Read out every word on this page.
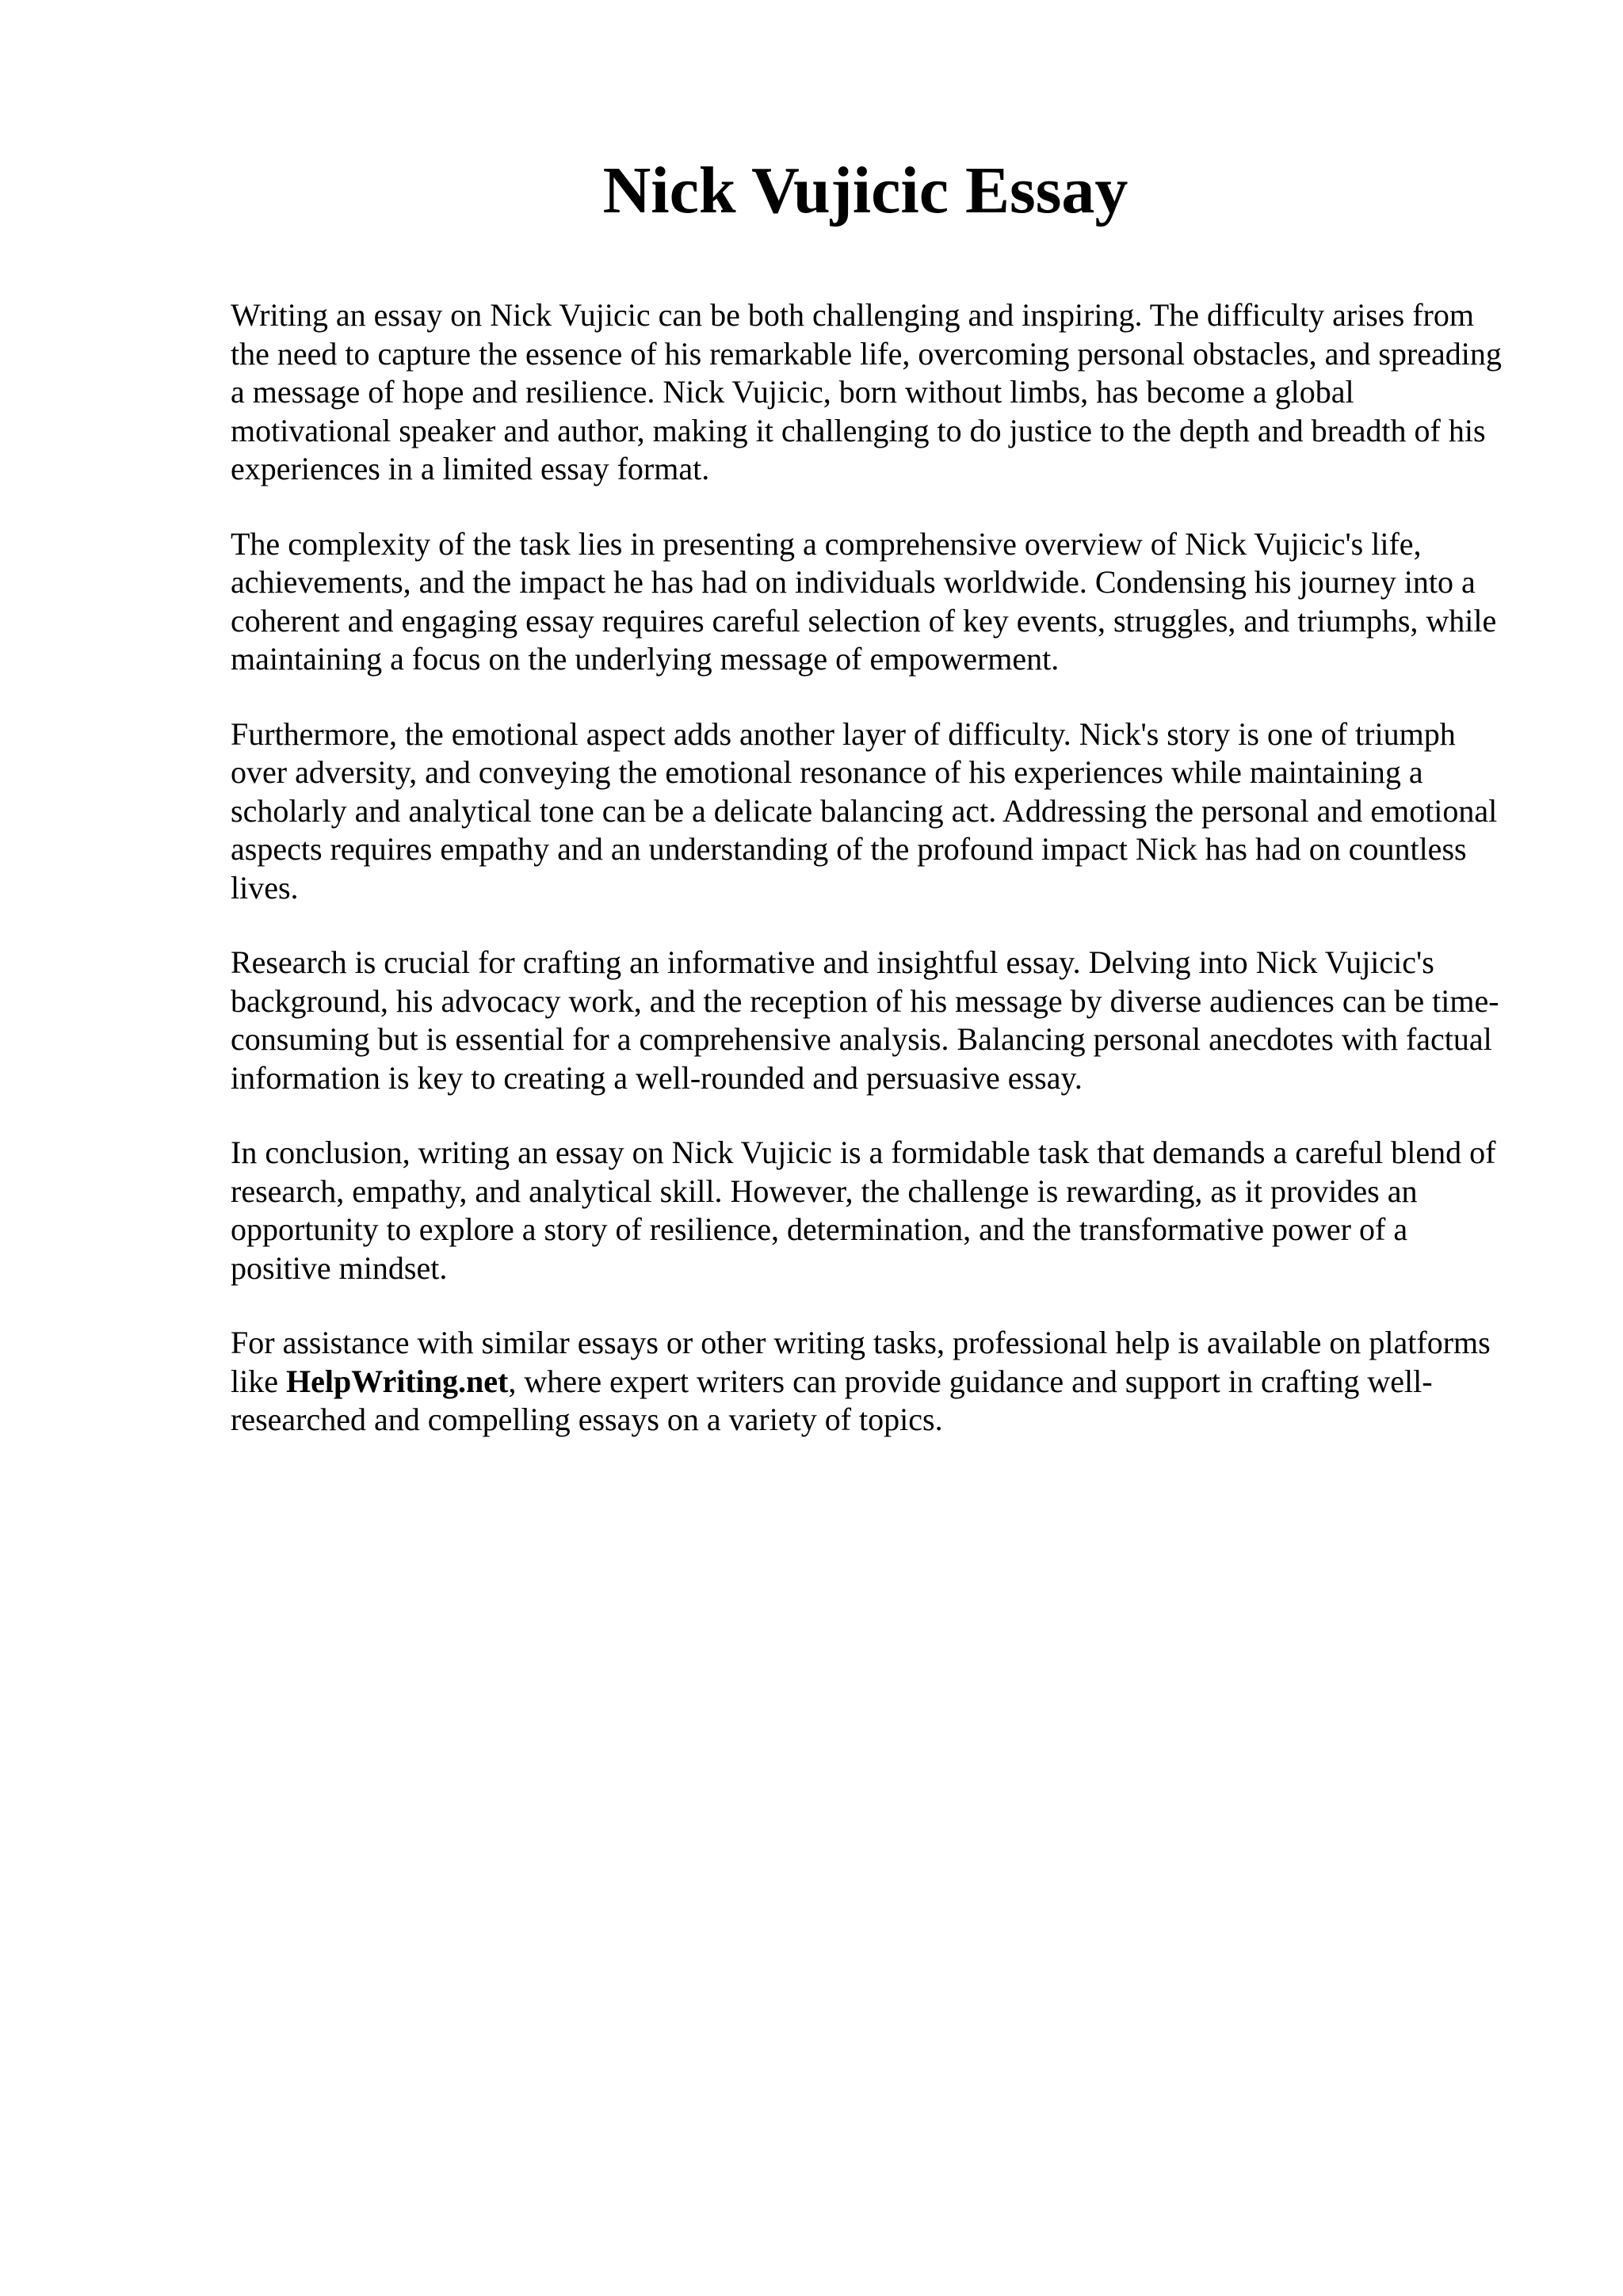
Nick Vujicic Essay

Writing an essay on Nick Vujicic can be both challenging and inspiring. The difficulty arises from the need to capture the essence of his remarkable life, overcoming personal obstacles, and spreading a message of hope and resilience. Nick Vujicic, born without limbs, has become a global motivational speaker and author, making it challenging to do justice to the depth and breadth of his experiences in a limited essay format.

The complexity of the task lies in presenting a comprehensive overview of Nick Vujicic's life, achievements, and the impact he has had on individuals worldwide. Condensing his journey into a coherent and engaging essay requires careful selection of key events, struggles, and triumphs, while maintaining a focus on the underlying message of empowerment.

Furthermore, the emotional aspect adds another layer of difficulty. Nick's story is one of triumph over adversity, and conveying the emotional resonance of his experiences while maintaining a scholarly and analytical tone can be a delicate balancing act. Addressing the personal and emotional aspects requires empathy and an understanding of the profound impact Nick has had on countless lives.

Research is crucial for crafting an informative and insightful essay. Delving into Nick Vujicic's background, his advocacy work, and the reception of his message by diverse audiences can be time-consuming but is essential for a comprehensive analysis. Balancing personal anecdotes with factual information is key to creating a well-rounded and persuasive essay.

In conclusion, writing an essay on Nick Vujicic is a formidable task that demands a careful blend of research, empathy, and analytical skill. However, the challenge is rewarding, as it provides an opportunity to explore a story of resilience, determination, and the transformative power of a positive mindset.

For assistance with similar essays or other writing tasks, professional help is available on platforms like HelpWriting.net, where expert writers can provide guidance and support in crafting well-researched and compelling essays on a variety of topics.
